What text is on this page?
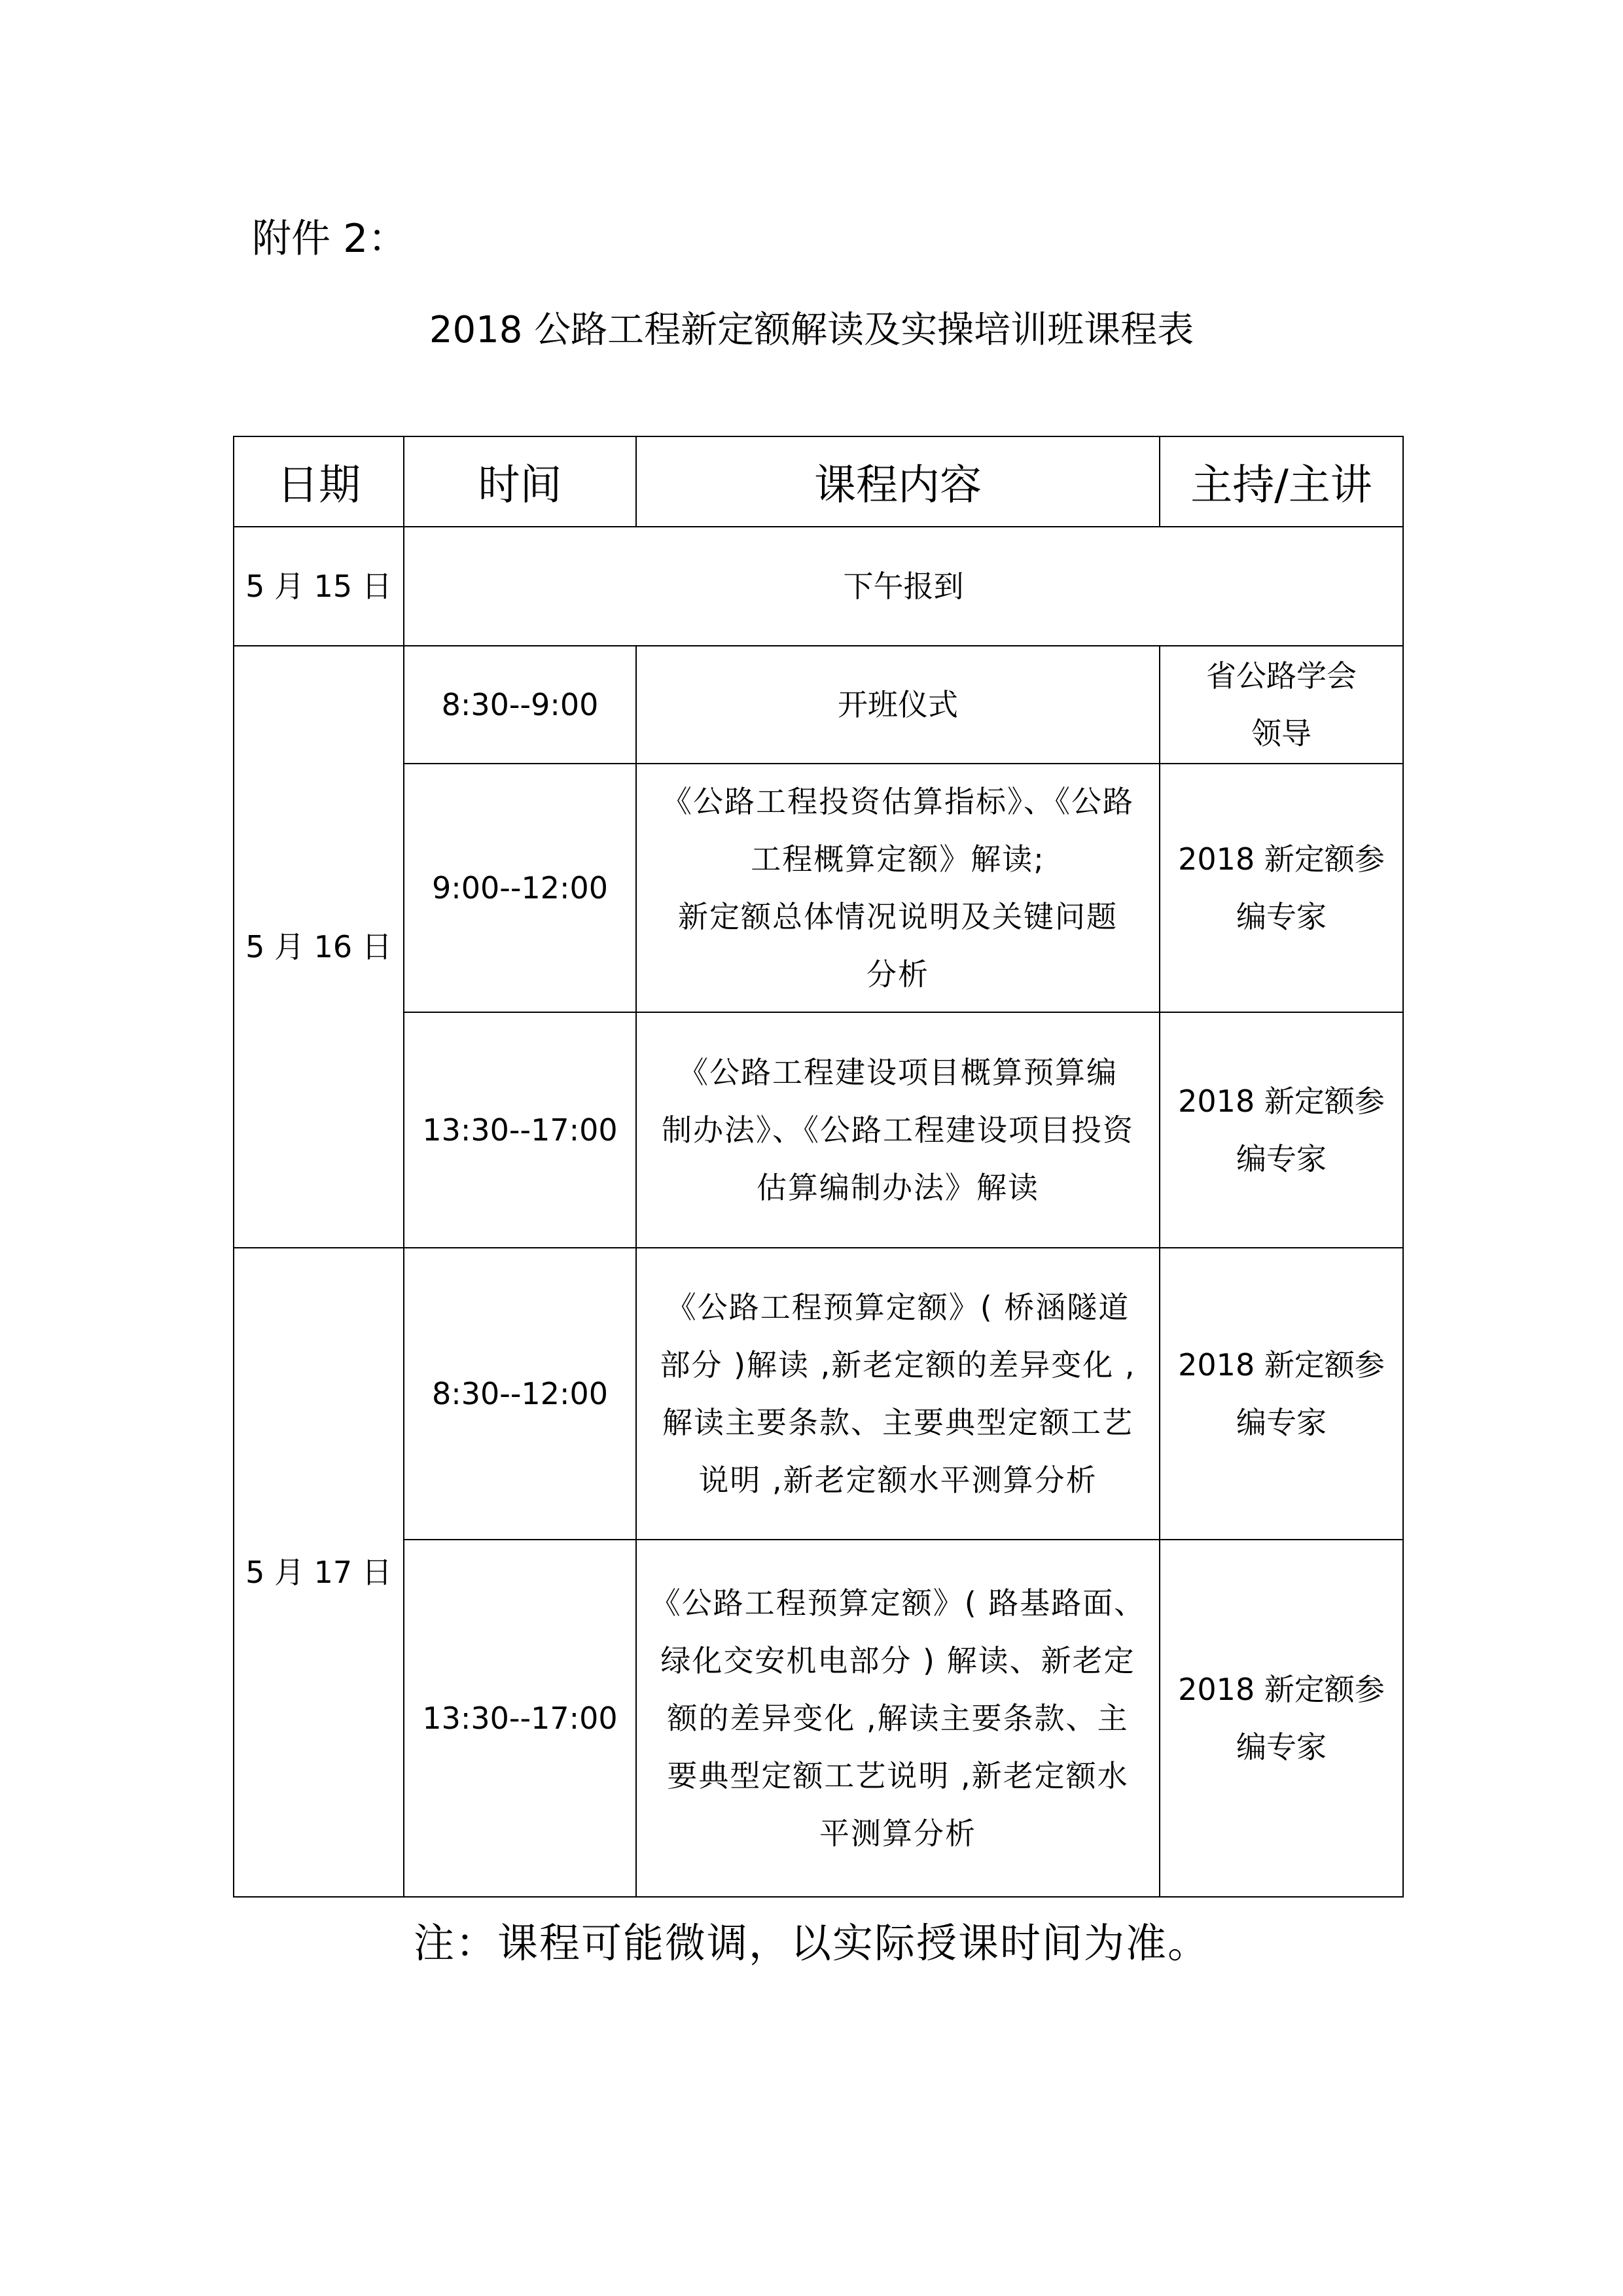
附件 2：
2018 公路工程新定额解读及实操培训班课程表
日期	时间	课程内容	主持/主讲
5 月 15 日	下午报到		
5 月 16 日	8:30--9:00	开班仪式	省公路学会
领导

	9:00--12:00	《公路工程投资估算指标》、《公路
工程概算定额》解读;
新定额总体情况说明及关键问题
分析	2018 新定额参
编专家

	13:30--17:00	《公路工程建设项目概算预算编
制办法》、《公路工程建设项目投资
估算编制办法》解读	2018 新定额参
编专家

5 月 17 日	8:30--12:00	《公路工程预算定额》( 桥涵隧道
部分 )解读 ,新老定额的差异变化 ,
解读主要条款、主要典型定额工艺
说明 ,新老定额水平测算分析	2018 新定额参
编专家

	13:30--17:00	《公路工程预算定额》( 路基路面、
绿化交安机电部分 ) 解读、新老定
额的差异变化 ,解读主要条款、主
要典型定额工艺说明 ,新老定额水
平测算分析	2018 新定额参
编专家
注：课程可能微调，以实际授课时间为准。
